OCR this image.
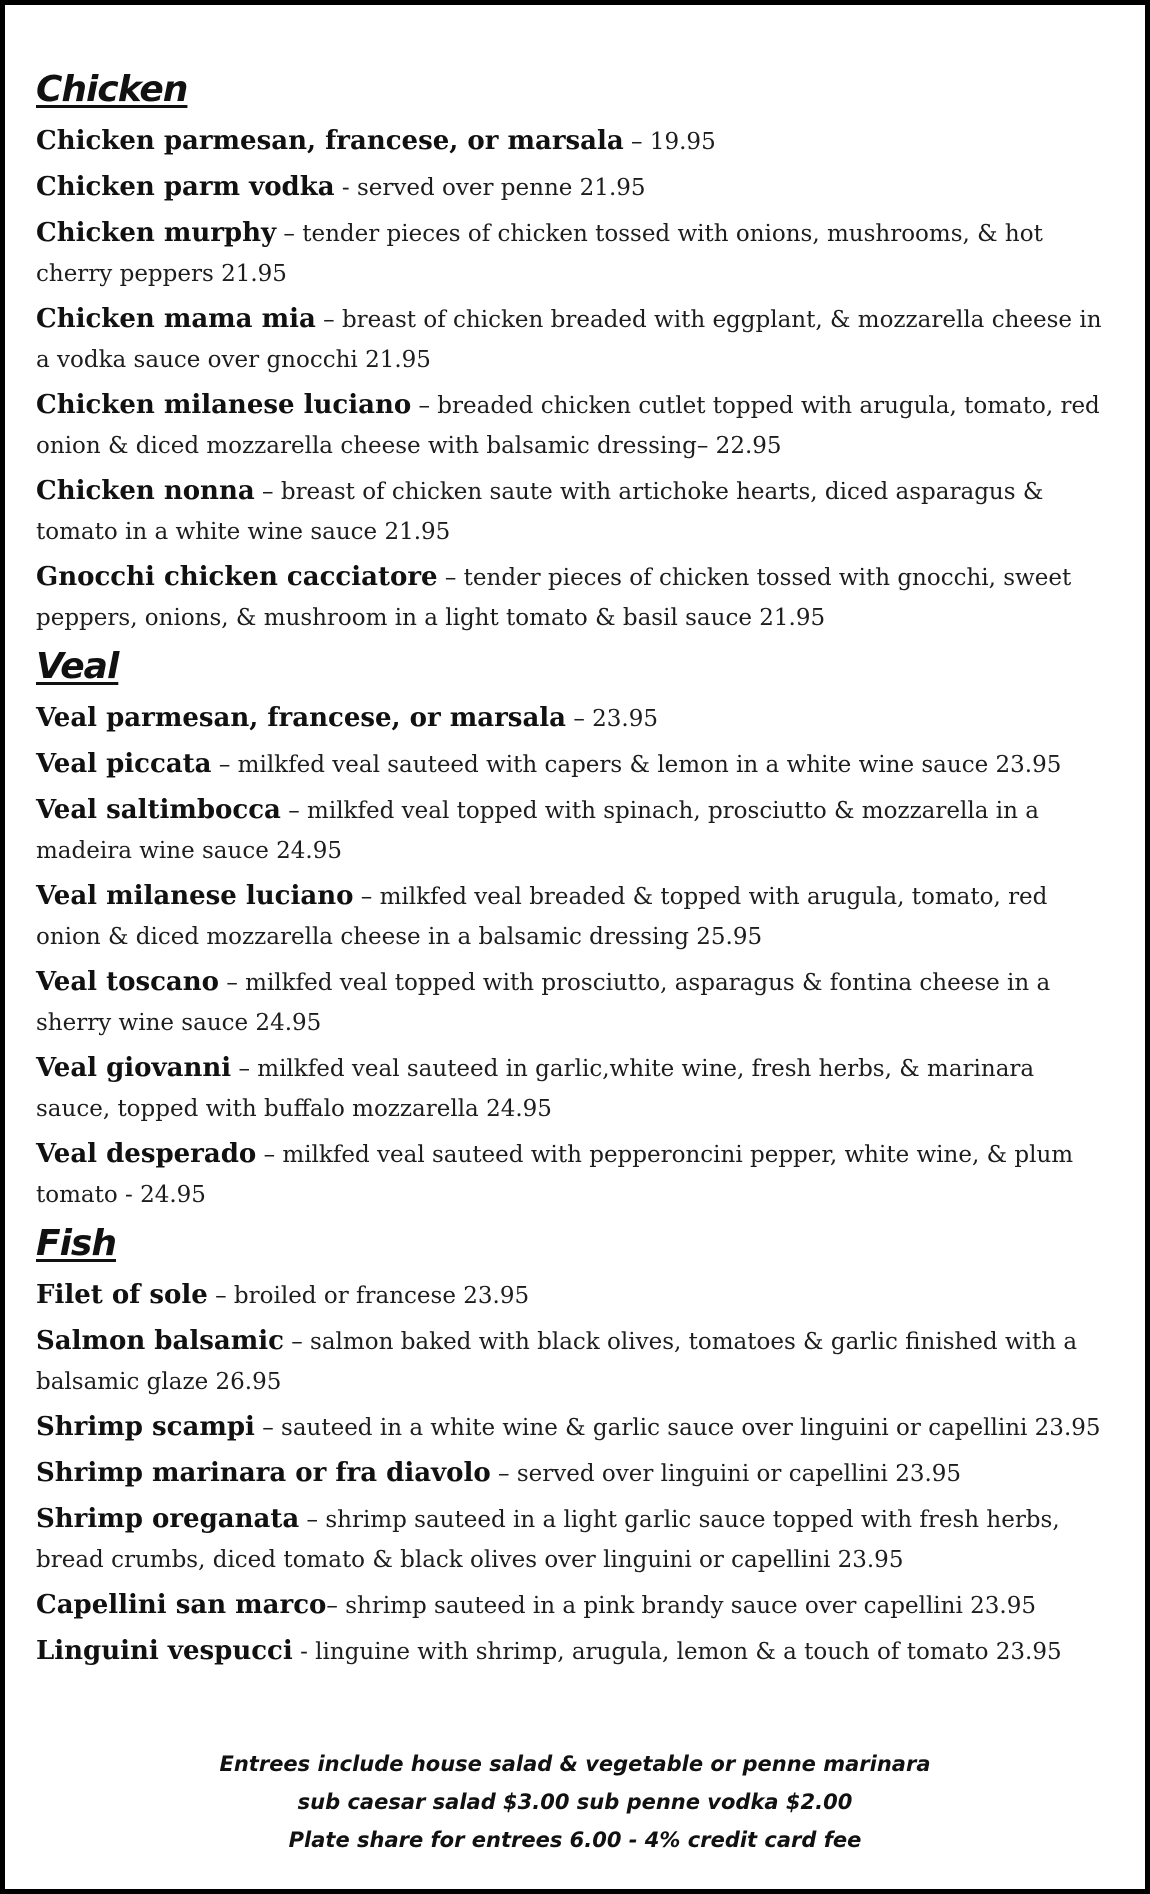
Chicken
Chicken parmesan, francese, or marsala – 19.95
Chicken parm vodka - served over penne 21.95
Chicken murphy – tender pieces of chicken tossed with onions, mushrooms, & hot cherry peppers 21.95
Chicken mama mia – breast of chicken breaded with eggplant, & mozzarella cheese in a vodka sauce over gnocchi 21.95
Chicken milanese luciano – breaded chicken cutlet topped with arugula, tomato, red onion & diced mozzarella cheese with balsamic dressing– 22.95
Chicken nonna – breast of chicken saute with artichoke hearts, diced asparagus & tomato in a white wine sauce 21.95
Gnocchi chicken cacciatore – tender pieces of chicken tossed with gnocchi, sweet peppers, onions, & mushroom in a light tomato & basil sauce 21.95
Veal
Veal parmesan, francese, or marsala – 23.95
Veal piccata – milkfed veal sauteed with capers & lemon in a white wine sauce 23.95
Veal saltimbocca – milkfed veal topped with spinach, prosciutto & mozzarella in a madeira wine sauce 24.95
Veal milanese luciano – milkfed veal breaded & topped with arugula, tomato, red onion & diced mozzarella cheese in a balsamic dressing 25.95
Veal toscano – milkfed veal topped with prosciutto, asparagus & fontina cheese in a sherry wine sauce 24.95
Veal giovanni – milkfed veal sauteed in garlic,white wine, fresh herbs, & marinara sauce, topped with buffalo mozzarella 24.95
Veal desperado – milkfed veal sauteed with pepperoncini pepper, white wine, & plum tomato - 24.95
Fish
Filet of sole – broiled or francese 23.95
Salmon balsamic – salmon baked with black olives, tomatoes & garlic finished with a balsamic glaze 26.95
Shrimp scampi – sauteed in a white wine & garlic sauce over linguini or capellini 23.95
Shrimp marinara or fra diavolo – served over linguini or capellini 23.95
Shrimp oreganata – shrimp sauteed in a light garlic sauce topped with fresh herbs, bread crumbs, diced tomato & black olives over linguini or capellini 23.95
Capellini san marco– shrimp sauteed in a pink brandy sauce over capellini 23.95
Linguini vespucci - linguine with shrimp, arugula, lemon & a touch of tomato 23.95
Entrees include house salad & vegetable or penne marinara
sub caesar salad $3.00 sub penne vodka $2.00
Plate share for entrees 6.00 - 4% credit card fee
